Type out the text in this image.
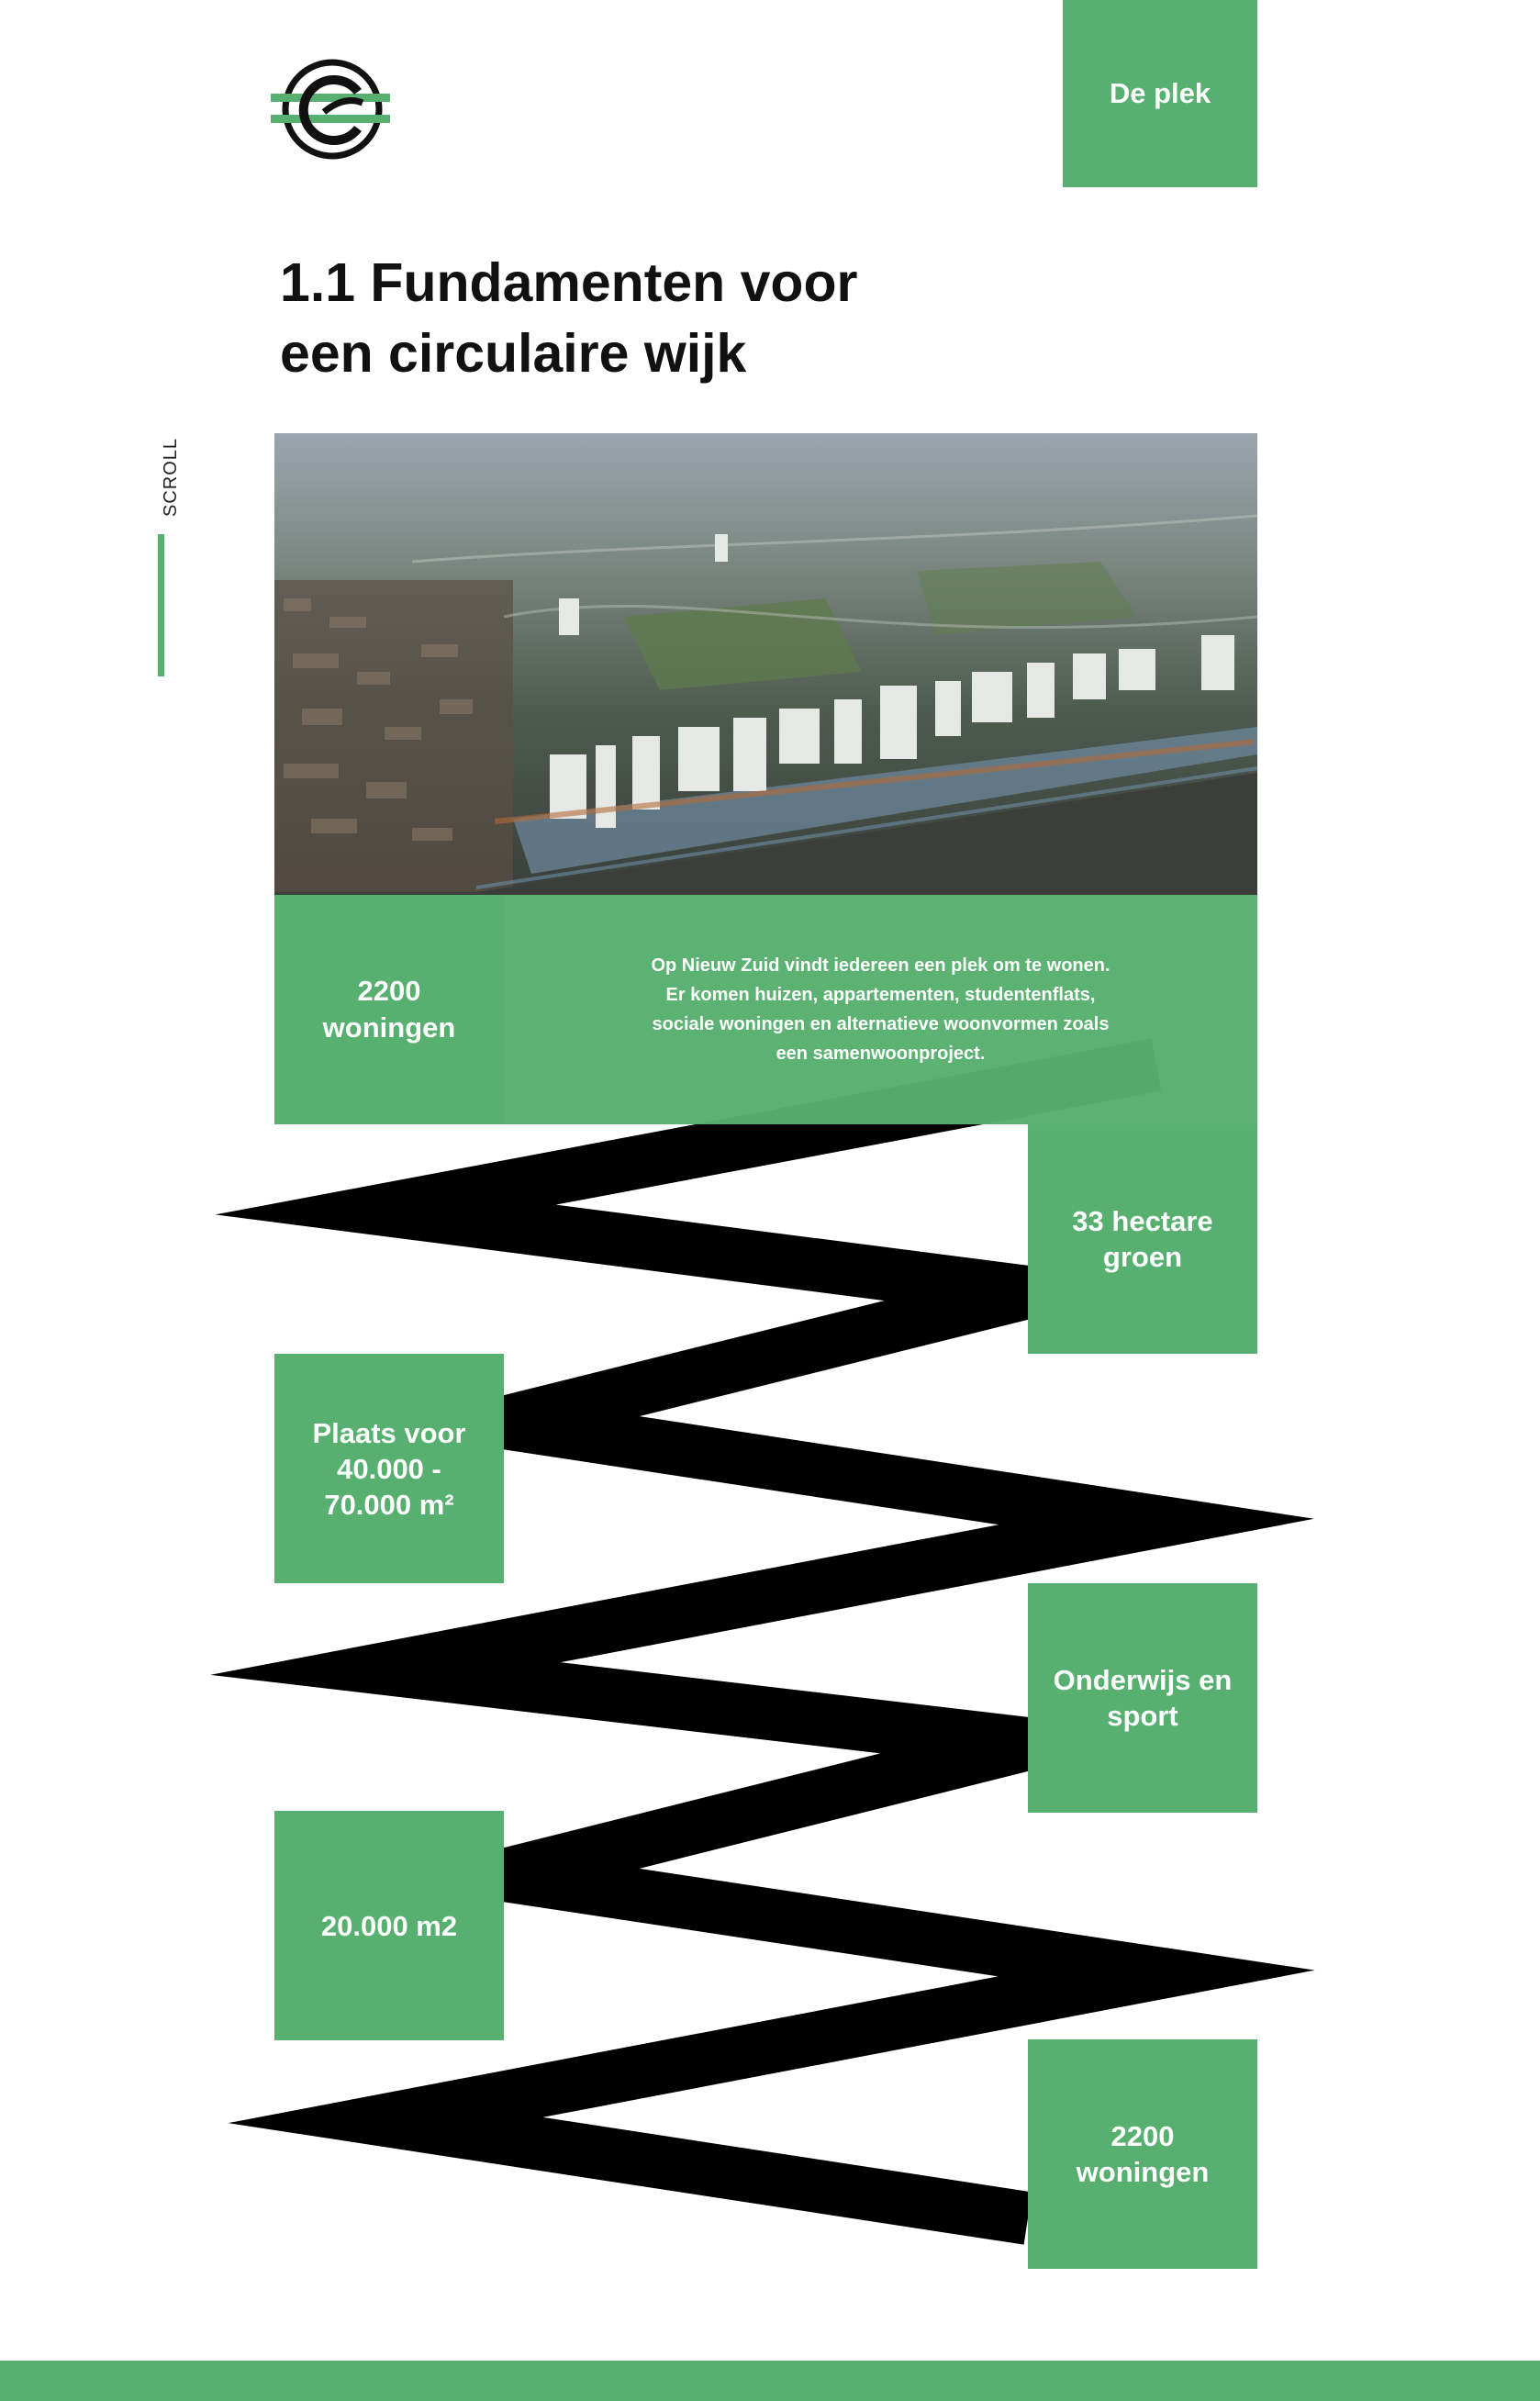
De plek
1.1 Fundamenten voor
een circulaire wijk
SCROLL
2200
woningen
Op Nieuw Zuid vindt iedereen een plek om te wonen.
Er komen huizen, appartementen, studentenflats,
sociale woningen en alternatieve woonvormen zoals
een samenwoonproject.
33 hectare
groen
Plaats voor
40.000 -
70.000 m²
Onderwijs en
sport
20.000 m2
2200
woningen
